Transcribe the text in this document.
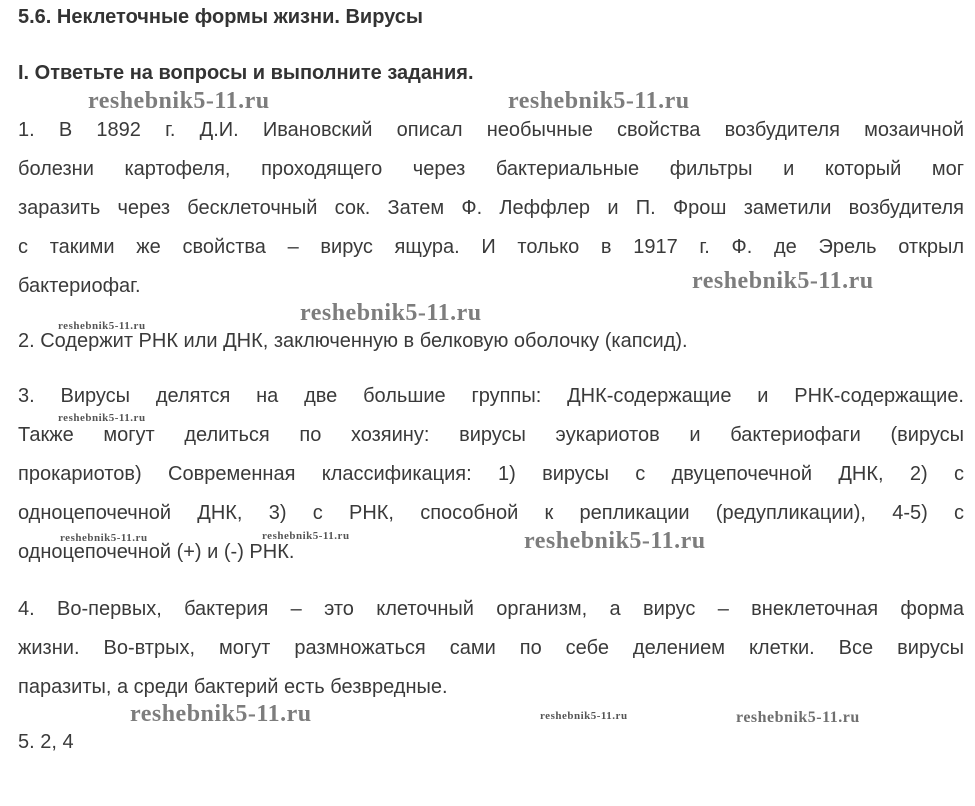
5.6. Неклеточные формы жизни. Вирусы
I. Ответьте на вопросы и выполните задания.
1. В 1892 г. Д.И. Ивановский описал необычные свойства возбудителя мозаичной
болезни картофеля, проходящего через бактериальные фильтры и который мог
заразить через бесклеточный сок. Затем Ф. Леффлер и П. Фрош заметили возбудителя
с такими же свойства – вирус ящура. И только в 1917 г. Ф. де Эрель открыл
бактериофаг.
2. Содержит РНК или ДНК, заключенную в белковую оболочку (капсид).
3. Вирусы делятся на две большие группы: ДНК-содержащие и РНК-содержащие.
Также могут делиться по хозяину: вирусы эукариотов и бактериофаги (вирусы
прокариотов) Современная классификация: 1) вирусы с двуцепочечной ДНК, 2) с
одноцепочечной ДНК, 3) с РНК, способной к репликации (редупликации), 4-5) с
одноцепочечной (+) и (-) РНК.
4. Во-первых, бактерия – это клеточный организм, а вирус – внеклеточная форма
жизни. Во-втрых, могут размножаться сами по себе делением клетки. Все вирусы
паразиты, а среди бактерий есть безвредные.
5. 2, 4
reshebnik5-11.ru	reshebnik5-11.ru
reshebnik5-11.ru
reshebnik5-11.ru
reshebnik5-11.ru
reshebnik5-11.ru
reshebnik5-11.ru	reshebnik5-11.ru	reshebnik5-11.ru
reshebnik5-11.ru	reshebnik5-11.ru	reshebnik5-11.ru
